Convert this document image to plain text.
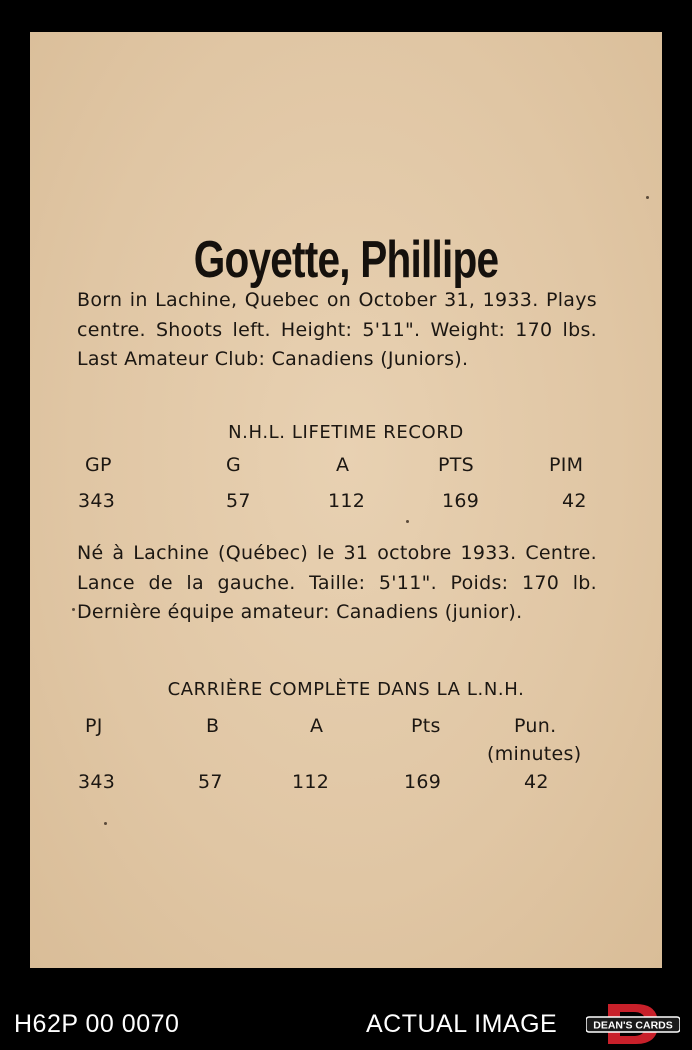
Goyette, Phillipe
Born in Lachine, Quebec on October 31, 1933. Plays centre. Shoots left. Height: 5'11". Weight: 170 lbs. Last Amateur Club: Canadiens (Juniors).
N.H.L. LIFETIME RECORD
GP	G	A	PTS	PIM
343	57	112	169	42
Né à Lachine (Québec) le 31 octobre 1933. Centre. Lance de la gauche. Taille: 5'11". Poids: 170 lb. Dernière équipe amateur: Canadiens (junior).
CARRIÈRE COMPLÈTE DANS LA L.N.H.
PJ	B	A	Pts	Pun.
(minutes)
343	57	112	169	42
H62P 00 0070	ACTUAL IMAGE	DEAN'S CARDS
